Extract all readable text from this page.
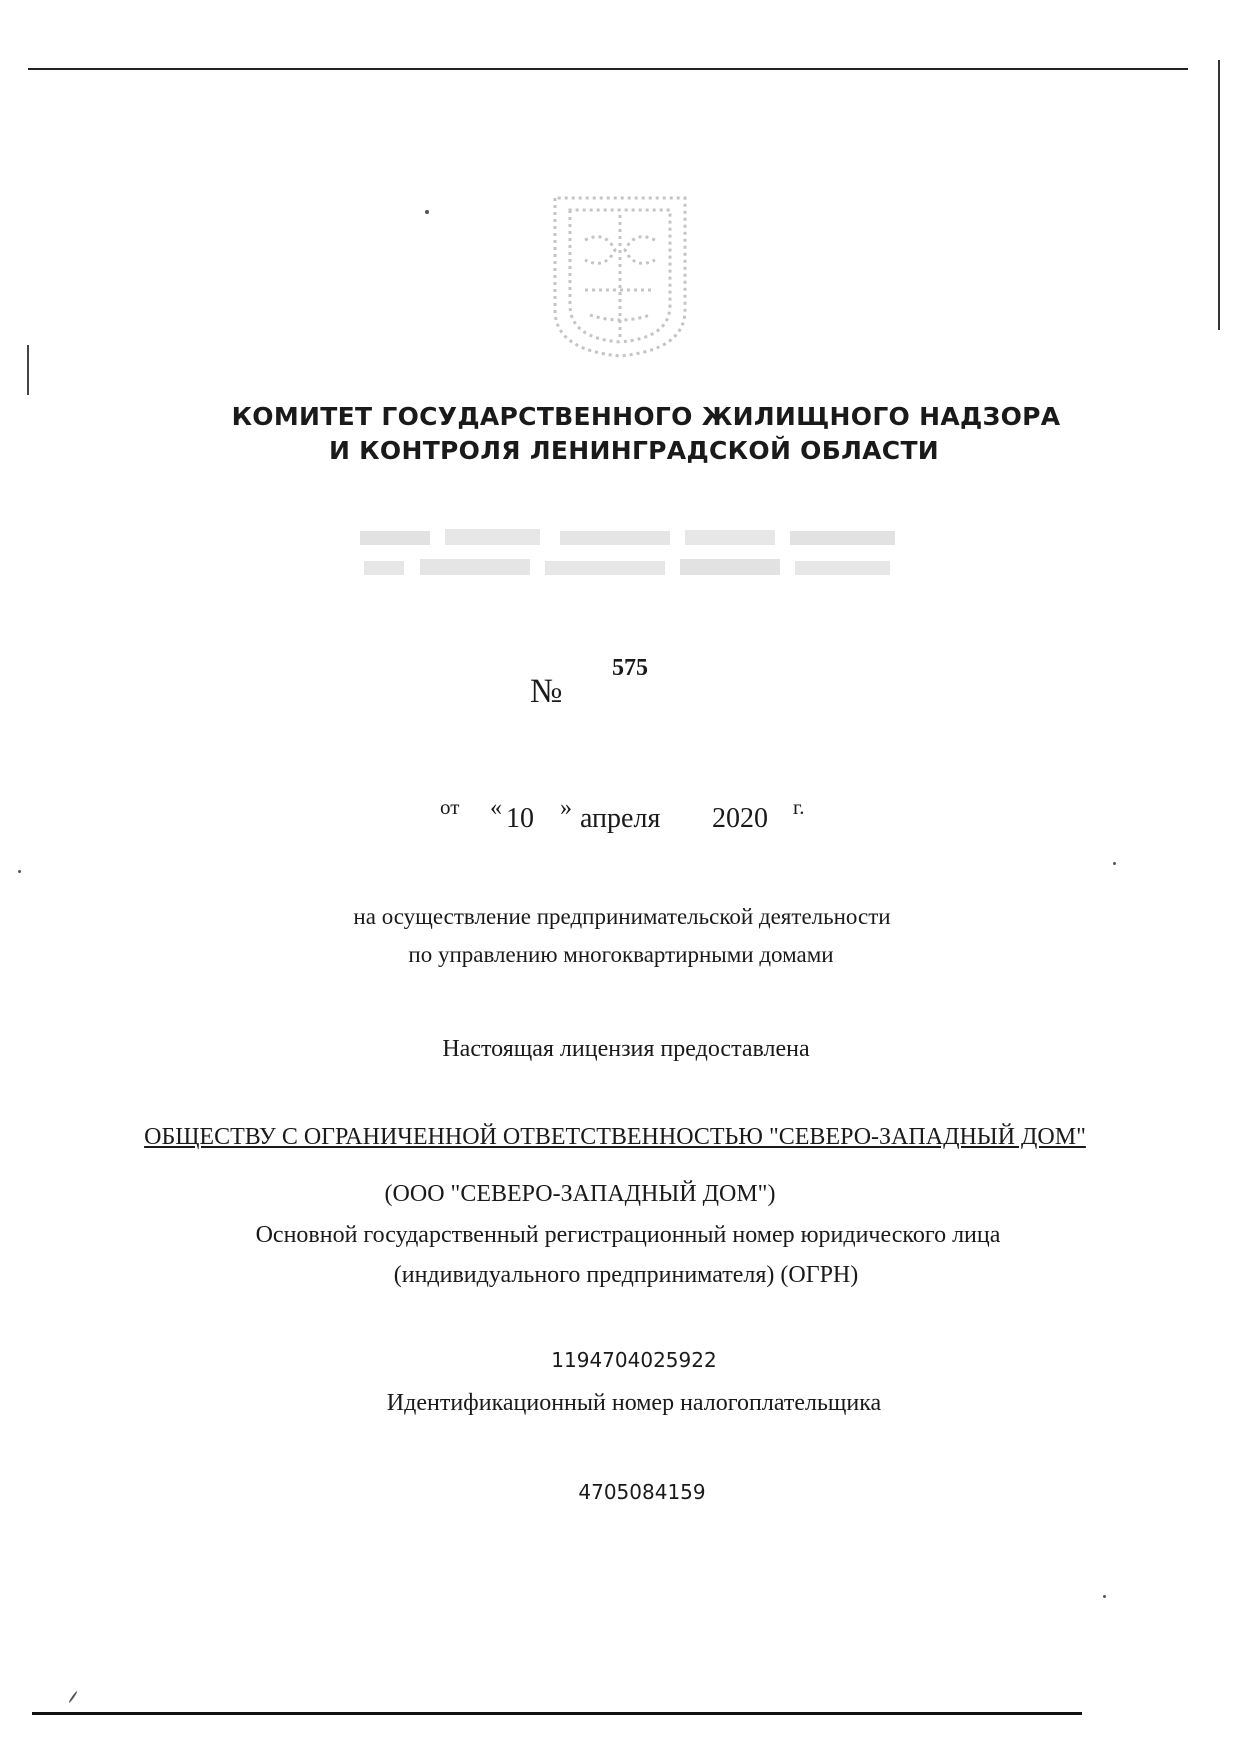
КОМИТЕТ ГОСУДАРСТВЕННОГО ЖИЛИЩНОГО НАДЗОРА
И КОНТРОЛЯ ЛЕНИНГРАДСКОЙ ОБЛАСТИ
№
575
от « 10 » апреля 2020 г.
на осуществление предпринимательской деятельности
по управлению многоквартирными домами
Настоящая лицензия предоставлена
ОБЩЕСТВУ С ОГРАНИЧЕННОЙ ОТВЕТСТВЕННОСТЬЮ "СЕВЕРО-ЗАПАДНЫЙ ДОМ"
(ООО "СЕВЕРО-ЗАПАДНЫЙ ДОМ")
Основной государственный регистрационный номер юридического лица
(индивидуального предпринимателя) (ОГРН)
1194704025922
Идентификационный номер налогоплательщика
4705084159
